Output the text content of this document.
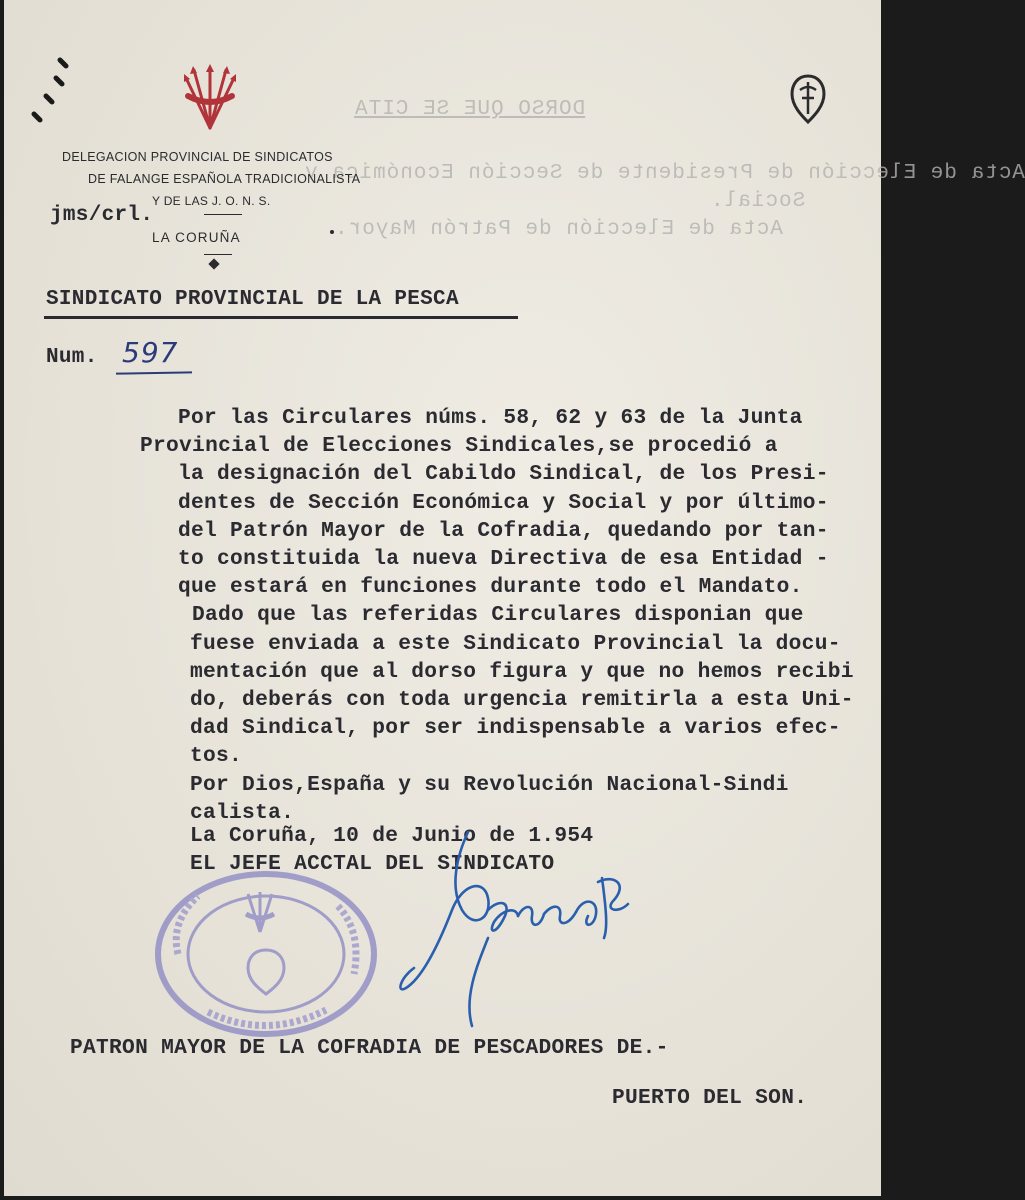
DORSO QUE SE CITA
Acta de Elección de Presidente de Sección Económica y
Social.
Acta de Elección de Patrón Mayor.
DELEGACION PROVINCIAL DE SINDICATOS
DE FALANGE ESPAÑOLA TRADICIONALISTA
Y DE LAS J. O. N. S.
LA CORUÑA
jms/crl.
SINDICATO PROVINCIAL DE LA PESCA
Num. 597

Por las Circulares núms. 58, 62 y 63 de la Junta

Provincial de Elecciones Sindicales,se procedió a

la designación del Cabildo Sindical, de los Presi-

dentes de Sección Económica y Social y por último-

del Patrón Mayor de la Cofradia, quedando por tan-

to constituida la nueva Directiva de esa Entidad -

que estará en funciones durante todo el Mandato.

Dado que las referidas Circulares disponian que

fuese enviada a este Sindicato Provincial la docu-

mentación que al dorso figura y que no hemos recibi

do, deberás con toda urgencia remitirla a esta Uni-

dad Sindical, por ser indispensable a varios efec-

tos.

Por Dios,España y su Revolución Nacional-Sindi

calista.

La Coruña, 10 de Junio de 1.954
EL JEFE ACCTAL DEL SINDICATO
PATRON MAYOR DE LA COFRADIA DE PESCADORES DE.-
PUERTO DEL SON.
